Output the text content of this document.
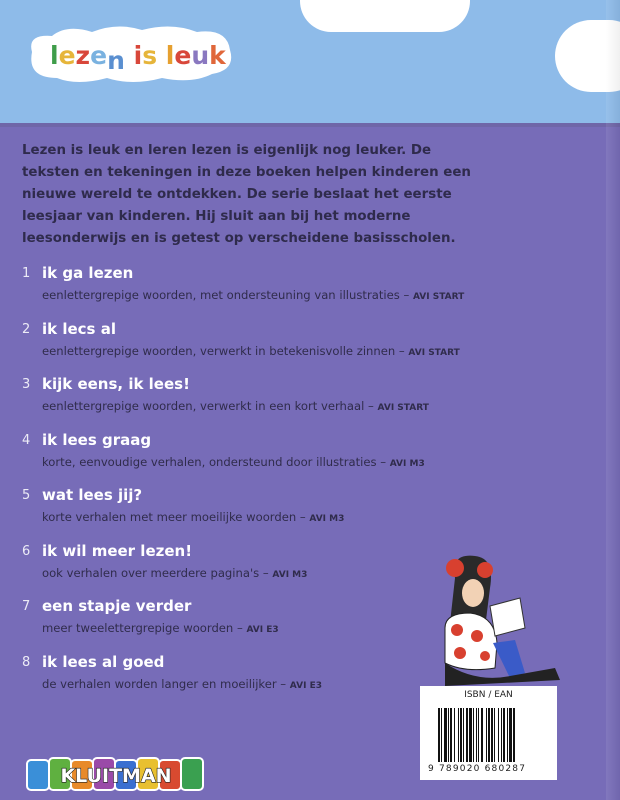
lezen is leuk

Lezen is leuk en leren lezen is eigenlijk nog leuker. De teksten en tekeningen in deze boeken helpen kinderen een nieuwe wereld te ontdekken. De serie beslaat het eerste leesjaar van kinderen. Hij sluit aan bij het moderne leesonderwijs en is getest op verscheidene basisscholen.

1 ik ga lezen
eenlettergrepige woorden, met ondersteuning van illustraties – AVI START
2 ik lecs al
eenlettergrepige woorden, verwerkt in betekenisvolle zinnen – AVI START
3 kijk eens, ik lees!
eenlettergrepige woorden, verwerkt in een kort verhaal – AVI START
4 ik lees graag
korte, eenvoudige verhalen, ondersteund door illustraties – AVI M3
5 wat lees jij?
korte verhalen met meer moeilijke woorden – AVI M3
6 ik wil meer lezen!
ook verhalen over meerdere pagina's – AVI M3
7 een stapje verder
meer tweelettergrepige woorden – AVI E3
8 ik lees al goed
de verhalen worden langer en moeilijker – AVI E3
ISBN / EAN
9 789020 680287
KLUITMAN
